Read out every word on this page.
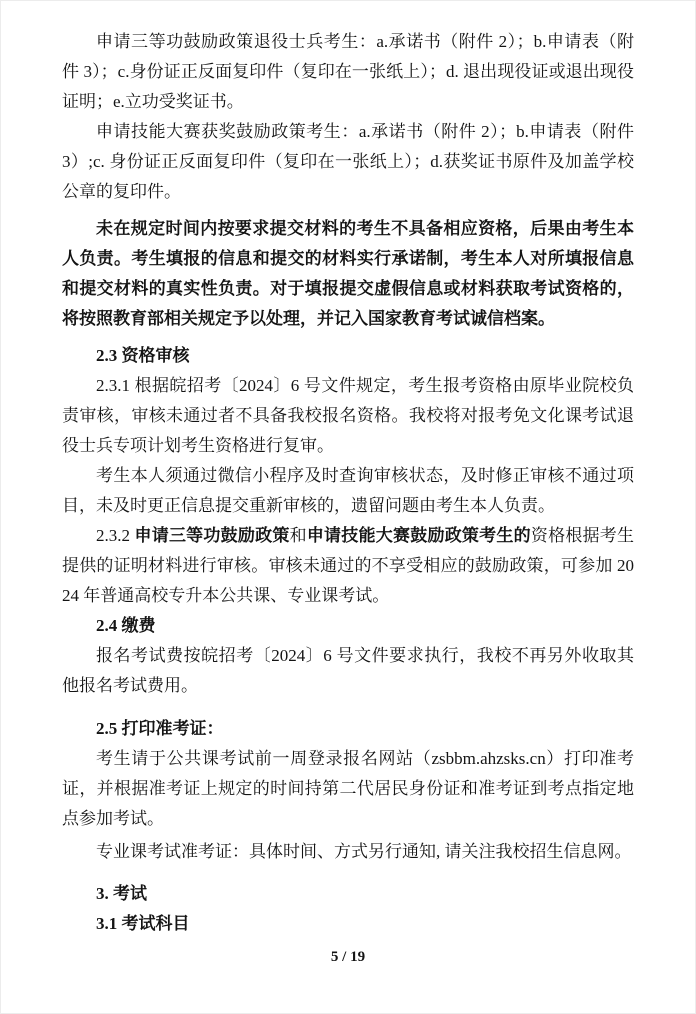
申请三等功鼓励政策退役士兵考生：a.承诺书（附件 2）；b.申请表（附件 3）；c.身份证正反面复印件（复印在一张纸上）；d. 退出现役证或退出现役证明；e.立功受奖证书。

申请技能大赛获奖鼓励政策考生：a.承诺书（附件 2）；b.申请表（附件 3）;c. 身份证正反面复印件（复印在一张纸上）；d.获奖证书原件及加盖学校公章的复印件。

未在规定时间内按要求提交材料的考生不具备相应资格，后果由考生本人负责。考生填报的信息和提交的材料实行承诺制，考生本人对所填报信息和提交材料的真实性负责。对于填报提交虚假信息或材料获取考试资格的，将按照教育部相关规定予以处理，并记入国家教育考试诚信档案。

2.3 资格审核

2.3.1 根据皖招考〔2024〕6 号文件规定，考生报考资格由原毕业院校负责审核，审核未通过者不具备我校报名资格。我校将对报考免文化课考试退役士兵专项计划考生资格进行复审。

考生本人须通过微信小程序及时查询审核状态，及时修正审核不通过项目，未及时更正信息提交重新审核的，遗留问题由考生本人负责。

2.3.2 申请三等功鼓励政策和申请技能大赛鼓励政策考生的资格根据考生提供的证明材料进行审核。审核未通过的不享受相应的鼓励政策，可参加 2024 年普通高校专升本公共课、专业课考试。

2.4 缴费

报名考试费按皖招考〔2024〕6 号文件要求执行，我校不再另外收取其他报名考试费用。

2.5 打印准考证：

考生请于公共课考试前一周登录报名网站（zsbbm.ahzsks.cn）打印准考证，并根据准考证上规定的时间持第二代居民身份证和准考证到考点指定地点参加考试。

专业课考试准考证：具体时间、方式另行通知, 请关注我校招生信息网。

3. 考试

3.1 考试科目

5 / 19
